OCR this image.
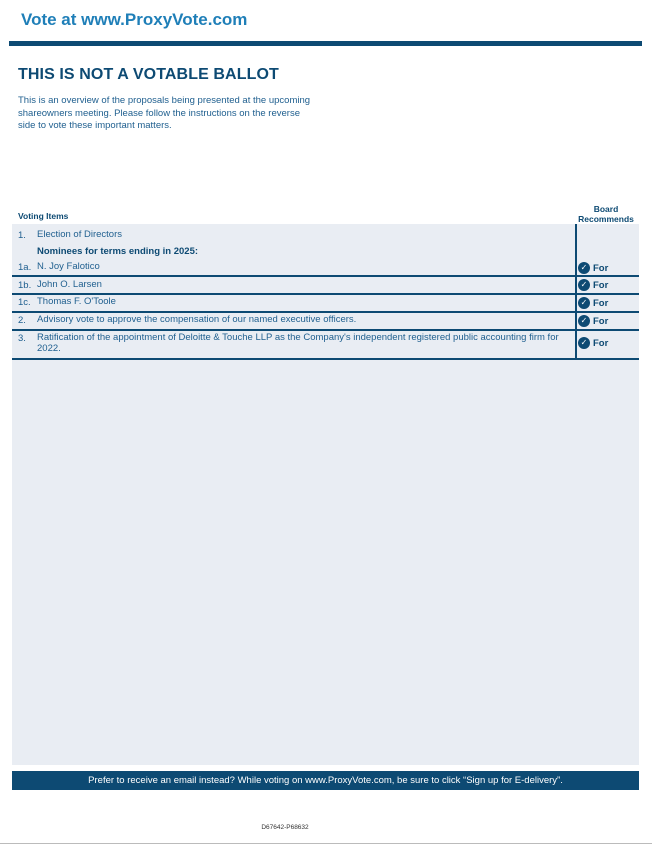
Vote at www.ProxyVote.com
THIS IS NOT A VOTABLE BALLOT
This is an overview of the proposals being presented at the upcoming shareowners meeting. Please follow the instructions on the reverse side to vote these important matters.
Voting Items
Board Recommends
1. Election of Directors
Nominees for terms ending in 2025:
1a. N. Joy Falotico	✓ For
1b. John O. Larsen	✓ For
1c. Thomas F. O'Toole	✓ For
2. Advisory vote to approve the compensation of our named executive officers.	✓ For
3. Ratification of the appointment of Deloitte & Touche LLP as the Company's independent registered public accounting firm for 2022.	✓ For
Prefer to receive an email instead? While voting on www.ProxyVote.com, be sure to click “Sign up for E-delivery”.
D67642-P68632
